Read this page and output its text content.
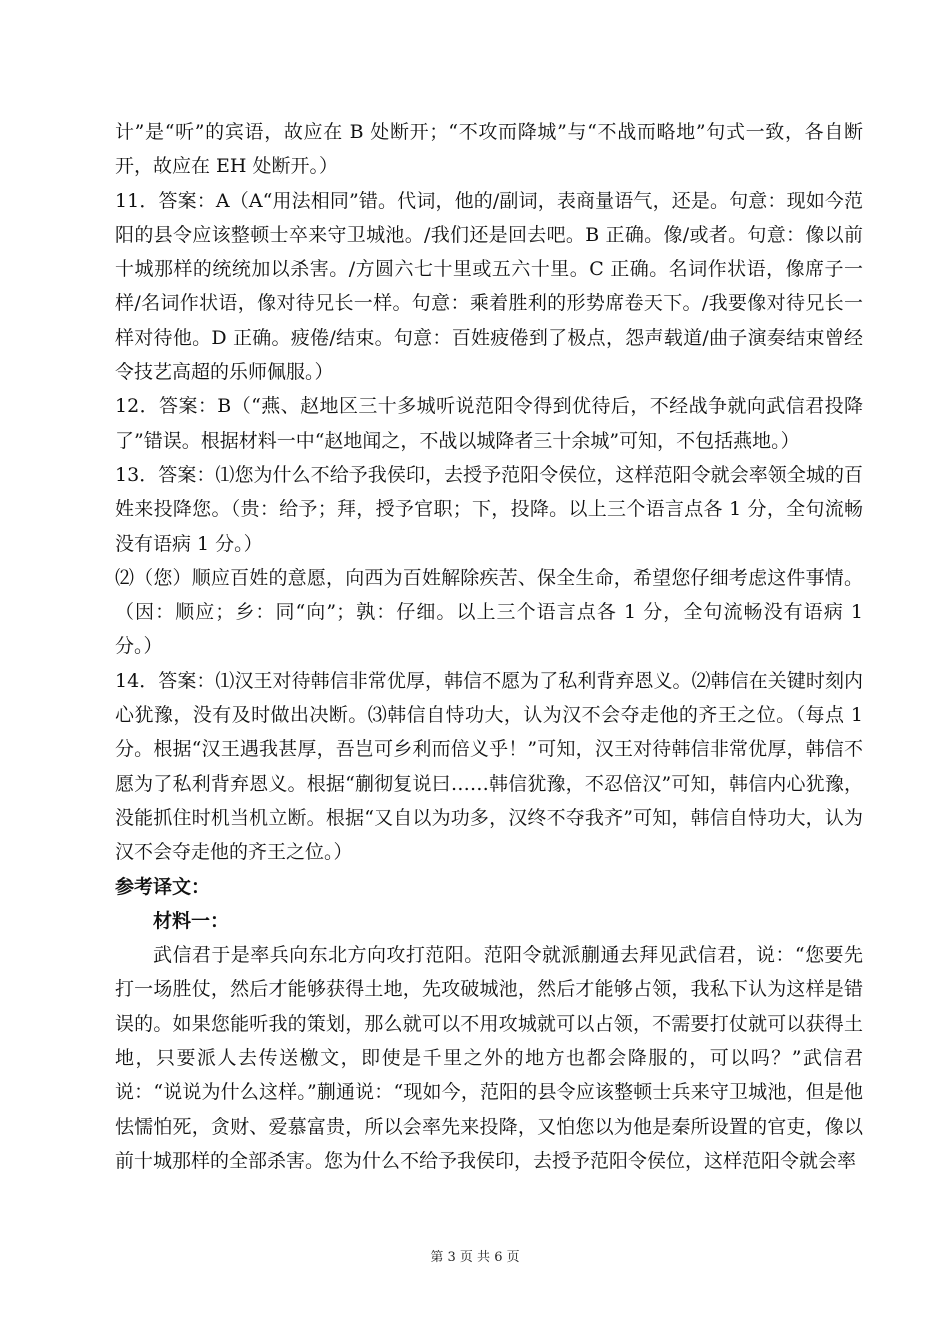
计”是“听”的宾语，故应在 B 处断开；“不攻而降城”与“不战而略地”句式一致，各自断开，故应在 EH 处断开。）

11．答案：A（A“用法相同”错。代词，他的/副词，表商量语气，还是。句意：现如今范阳的县令应该整顿士卒来守卫城池。/我们还是回去吧。B 正确。像/或者。句意：像以前十城那样的统统加以杀害。/方圆六七十里或五六十里。C 正确。名词作状语，像席子一样/名词作状语，像对待兄长一样。句意：乘着胜利的形势席卷天下。/我要像对待兄长一样对待他。D 正确。疲倦/结束。句意：百姓疲倦到了极点，怨声载道/曲子演奏结束曾经令技艺高超的乐师佩服。）

12．答案：B（“燕、赵地区三十多城听说范阳令得到优待后，不经战争就向武信君投降了”错误。根据材料一中“赵地闻之，不战以城降者三十余城”可知，不包括燕地。）

13．答案：⑴您为什么不给予我侯印，去授予范阳令侯位，这样范阳令就会率领全城的百姓来投降您。（贵：给予；拜，授予官职；下，投降。以上三个语言点各 1 分，全句流畅没有语病 1 分。）

⑵（您）顺应百姓的意愿，向西为百姓解除疾苦、保全生命，希望您仔细考虑这件事情。（因：顺应；乡：同“向”；孰：仔细。以上三个语言点各 1 分，全句流畅没有语病 1 分。）

14．答案：⑴汉王对待韩信非常优厚，韩信不愿为了私利背弃恩义。⑵韩信在关键时刻内心犹豫，没有及时做出决断。⑶韩信自恃功大，认为汉不会夺走他的齐王之位。（每点 1 分。根据“汉王遇我甚厚，吾岂可乡利而倍义乎！”可知，汉王对待韩信非常优厚，韩信不愿为了私利背弃恩义。根据“蒯彻复说曰……韩信犹豫，不忍倍汉”可知，韩信内心犹豫，没能抓住时机当机立断。根据“又自以为功多，汉终不夺我齐”可知，韩信自恃功大，认为汉不会夺走他的齐王之位。）

参考译文：

材料一：

武信君于是率兵向东北方向攻打范阳。范阳令就派蒯通去拜见武信君，说：“您要先打一场胜仗，然后才能够获得土地，先攻破城池，然后才能够占领，我私下认为这样是错误的。如果您能听我的策划，那么就可以不用攻城就可以占领，不需要打仗就可以获得土地，只要派人去传送檄文，即使是千里之外的地方也都会降服的，可以吗？”武信君说：“说说为什么这样。”蒯通说：“现如今，范阳的县令应该整顿士兵来守卫城池，但是他怯懦怕死，贪财、爱慕富贵，所以会率先来投降，又怕您以为他是秦所设置的官吏，像以前十城那样的全部杀害。您为什么不给予我侯印，去授予范阳令侯位，这样范阳令就会率

第 3 页 共 6 页
